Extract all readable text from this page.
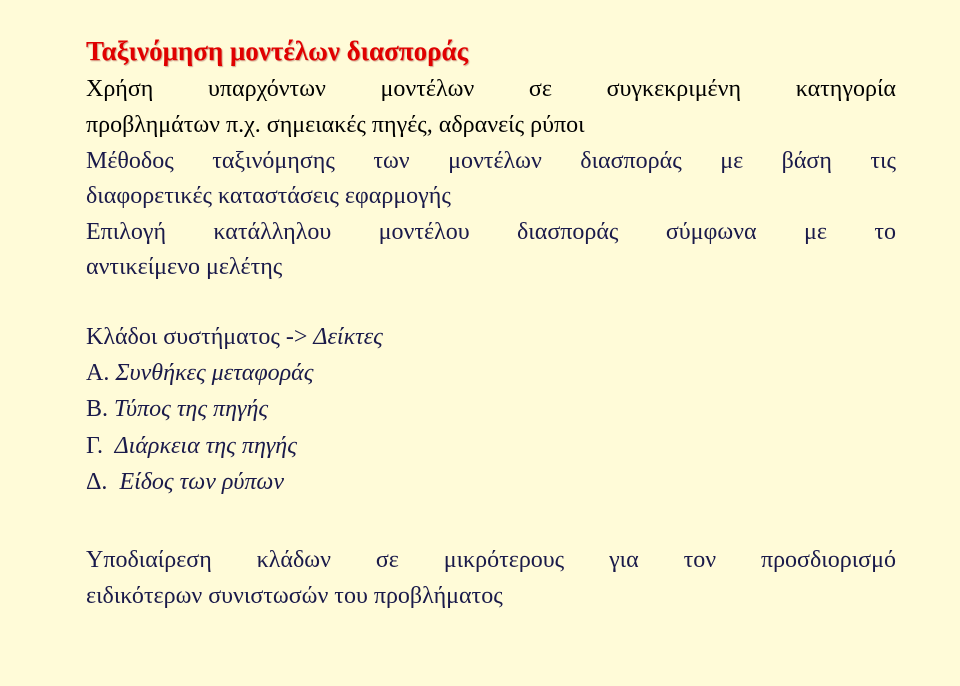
Ταξινόμηση μοντέλων διασποράς
Χρήση υπαρχόντων μοντέλων σε συγκεκριμένη κατηγορία
προβλημάτων π.χ. σημειακές πηγές, αδρανείς ρύποι
Μέθοδος ταξινόμησης των μοντέλων διασποράς με βάση τις
διαφορετικές καταστάσεις εφαρμογής
Επιλογή κατάλληλου μοντέλου διασποράς σύμφωνα με το
αντικείμενο μελέτης
Κλάδοι συστήματος -> Δείκτες
Α. Συνθήκες μεταφοράς
Β. Τύπος της πηγής
Γ.  Διάρκεια της πηγής
Δ.  Είδος των ρύπων
Υποδιαίρεση κλάδων σε μικρότερους για τον προσδιορισμό
ειδικότερων συνιστωσών του προβλήματος
